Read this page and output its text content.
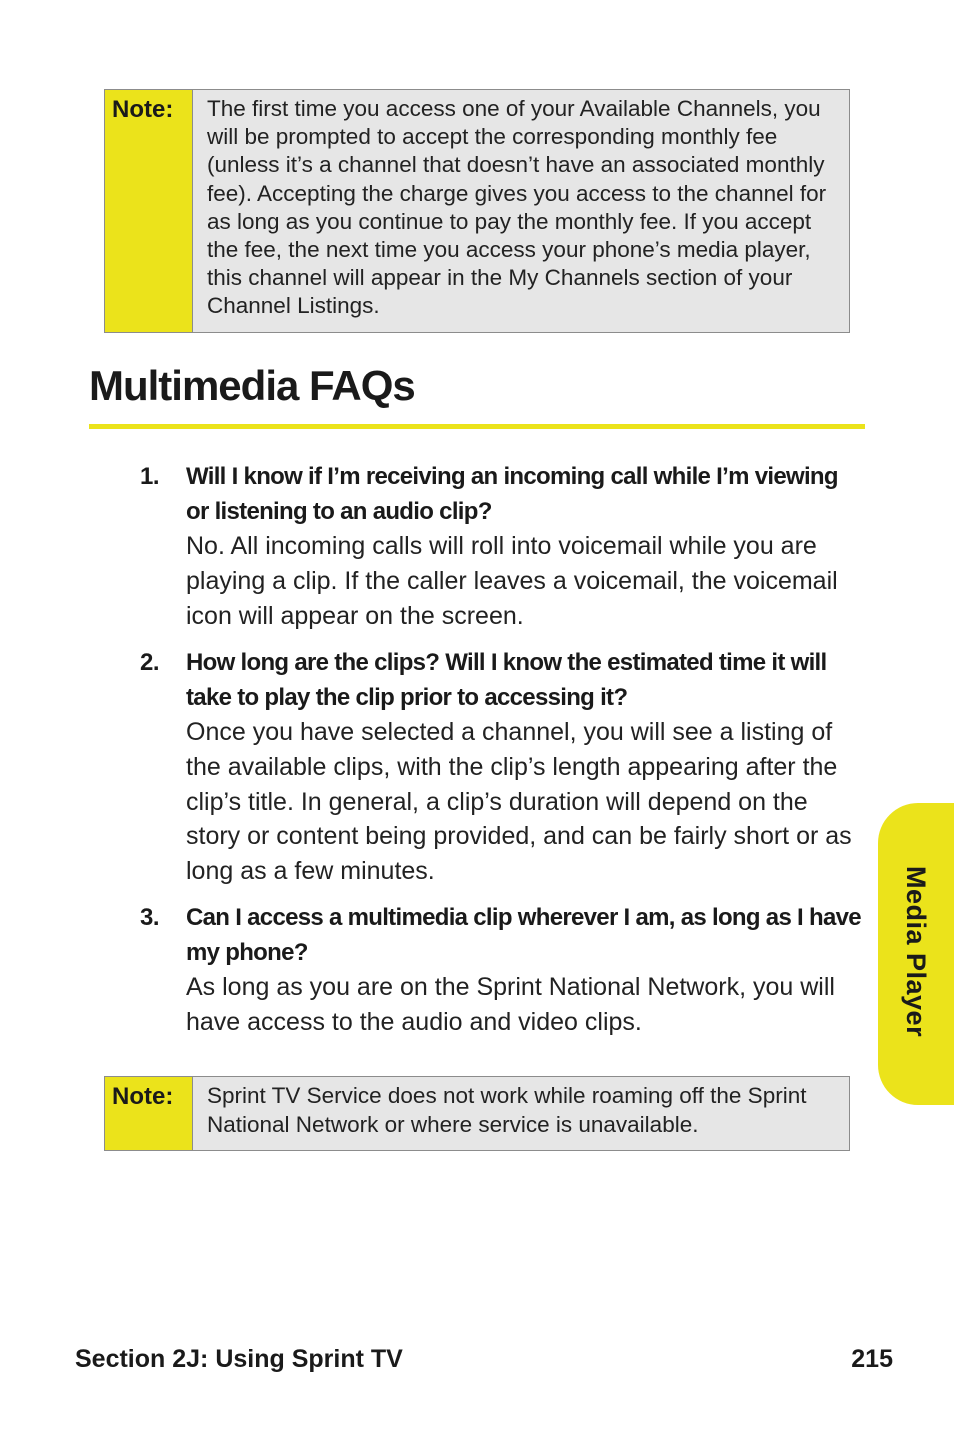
Note:	The first time you access one of your Available Channels, you will be prompted to accept the corresponding monthly fee (unless it’s a channel that doesn’t have an associated monthly fee). Accepting the charge gives you access to the channel for as long as you continue to pay the monthly fee. If you accept the fee, the next time you access your phone’s media player, this channel will appear in the My Channels section of your Channel Listings.
Multimedia FAQs
1. Will I know if I’m receiving an incoming call while I’m viewing or listening to an audio clip?
No. All incoming calls will roll into voicemail while you are playing a clip. If the caller leaves a voicemail, the voicemail icon will appear on the screen.
2. How long are the clips? Will I know the estimated time it will take to play the clip prior to accessing it?
Once you have selected a channel, you will see a listing of the available clips, with the clip’s length appearing after the clip’s title. In general, a clip’s duration will depend on the story or content being provided, and can be fairly short or as long as a few minutes.
3. Can I access a multimedia clip wherever I am, as long as I have my phone?
As long as you are on the Sprint National Network, you will have access to the audio and video clips.
Note:	Sprint TV Service does not work while roaming off the Sprint National Network or where service is unavailable.
Media Player
Section 2J: Using Sprint TV	215
